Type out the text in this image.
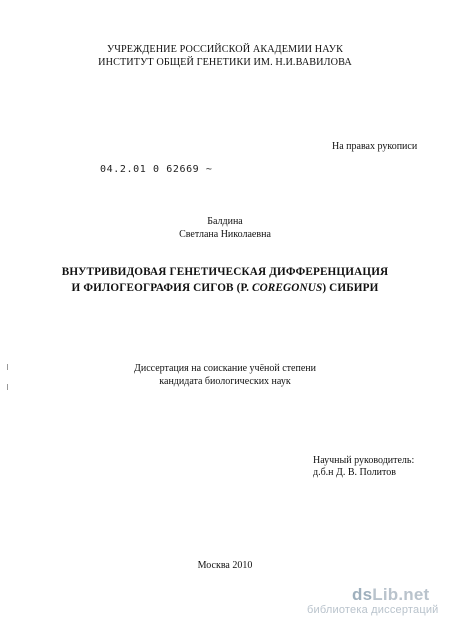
УЧРЕЖДЕНИЕ РОССИЙСКОЙ АКАДЕМИИ НАУК
ИНСТИТУТ ОБЩЕЙ ГЕНЕТИКИ ИМ. Н.И.ВАВИЛОВА
На правах рукописи
04.2.01 0 62669 ~
Балдина
Светлана Николаевна
ВНУТРИВИДОВАЯ ГЕНЕТИЧЕСКАЯ ДИФФЕРЕНЦИАЦИЯ
И ФИЛОГЕОГРАФИЯ СИГОВ (Р. COREGONUS) СИБИРИ
Диссертация на соискание учёной степени
кандидата биологических наук
Научный руководитель:
д.б.н Д. В. Политов
Москва 2010
dsLib.net
библиотека диссертаций
